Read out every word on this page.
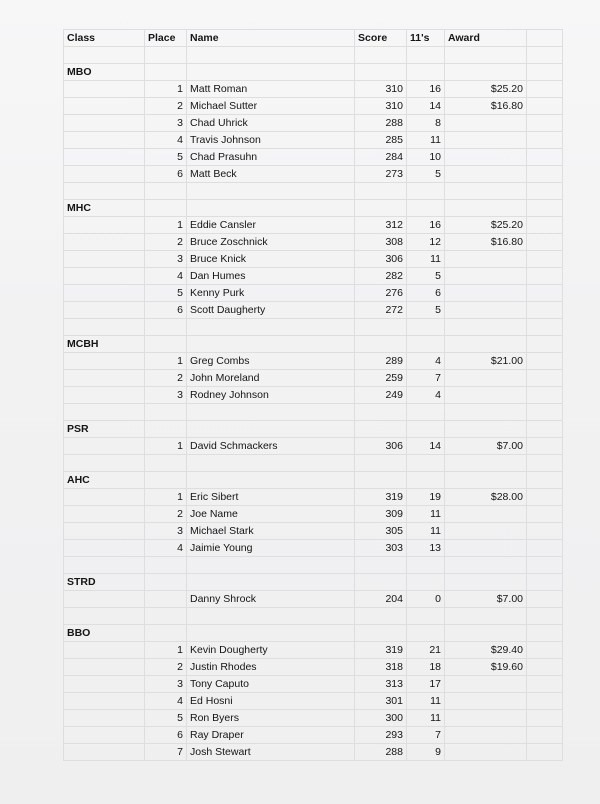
Class	Place	Name	Score	11's	Award	

MBO						
	1	Matt Roman	310	16	$25.20	
	2	Michael Sutter	310	14	$16.80	
	3	Chad Uhrick	288	8		
	4	Travis Johnson	285	11		
	5	Chad Prasuhn	284	10		
	6	Matt Beck	273	5		

MHC						
	1	Eddie Cansler	312	16	$25.20	
	2	Bruce Zoschnick	308	12	$16.80	
	3	Bruce Knick	306	11		
	4	Dan Humes	282	5		
	5	Kenny Purk	276	6		
	6	Scott Daugherty	272	5		

MCBH						
	1	Greg Combs	289	4	$21.00	
	2	John Moreland	259	7		
	3	Rodney Johnson	249	4		

PSR						
	1	David Schmackers	306	14	$7.00	

AHC						
	1	Eric Sibert	319	19	$28.00	
	2	Joe Name	309	11		
	3	Michael Stark	305	11		
	4	Jaimie Young	303	13		

STRD						
		Danny Shrock	204	0	$7.00	

BBO						
	1	Kevin Dougherty	319	21	$29.40	
	2	Justin Rhodes	318	18	$19.60	
	3	Tony Caputo	313	17		
	4	Ed Hosni	301	11		
	5	Ron Byers	300	11		
	6	Ray Draper	293	7		
	7	Josh Stewart	288	9		
